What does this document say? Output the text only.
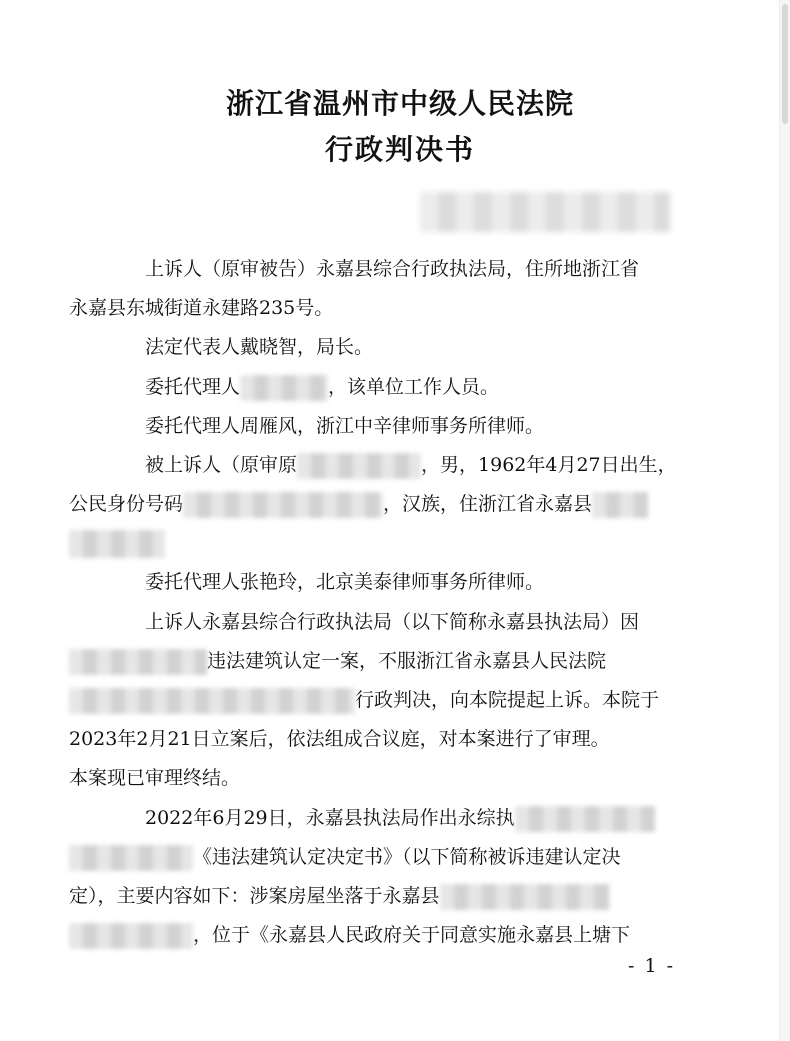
浙江省温州市中级人民法院
行政判决书

上诉人（原审被告）永嘉县综合行政执法局，住所地浙江省
永嘉县东城街道永建路235号。

法定代表人戴晓智，局长。

委托代理人	，该单位工作人员。

委托代理人周雁风，浙江中辛律师事务所律师。

被上诉人（原审原	，男，1962年4月27日出生，
公民身份号码	，汉族，住浙江省永嘉县

委托代理人张艳玲，北京美泰律师事务所律师。

上诉人永嘉县综合行政执法局（以下简称永嘉县执法局）因
违法建筑认定一案，不服浙江省永嘉县人民法院
行政判决，向本院提起上诉。本院于
2023年2月21日立案后，依法组成合议庭，对本案进行了审理。
本案现已审理终结。

2022年6月29日，永嘉县执法局作出永综执
《违法建筑认定决定书》（以下简称被诉违建认定决
定），主要内容如下：涉案房屋坐落于永嘉县
，位于《永嘉县人民政府关于同意实施永嘉县上塘下

- 1 -
